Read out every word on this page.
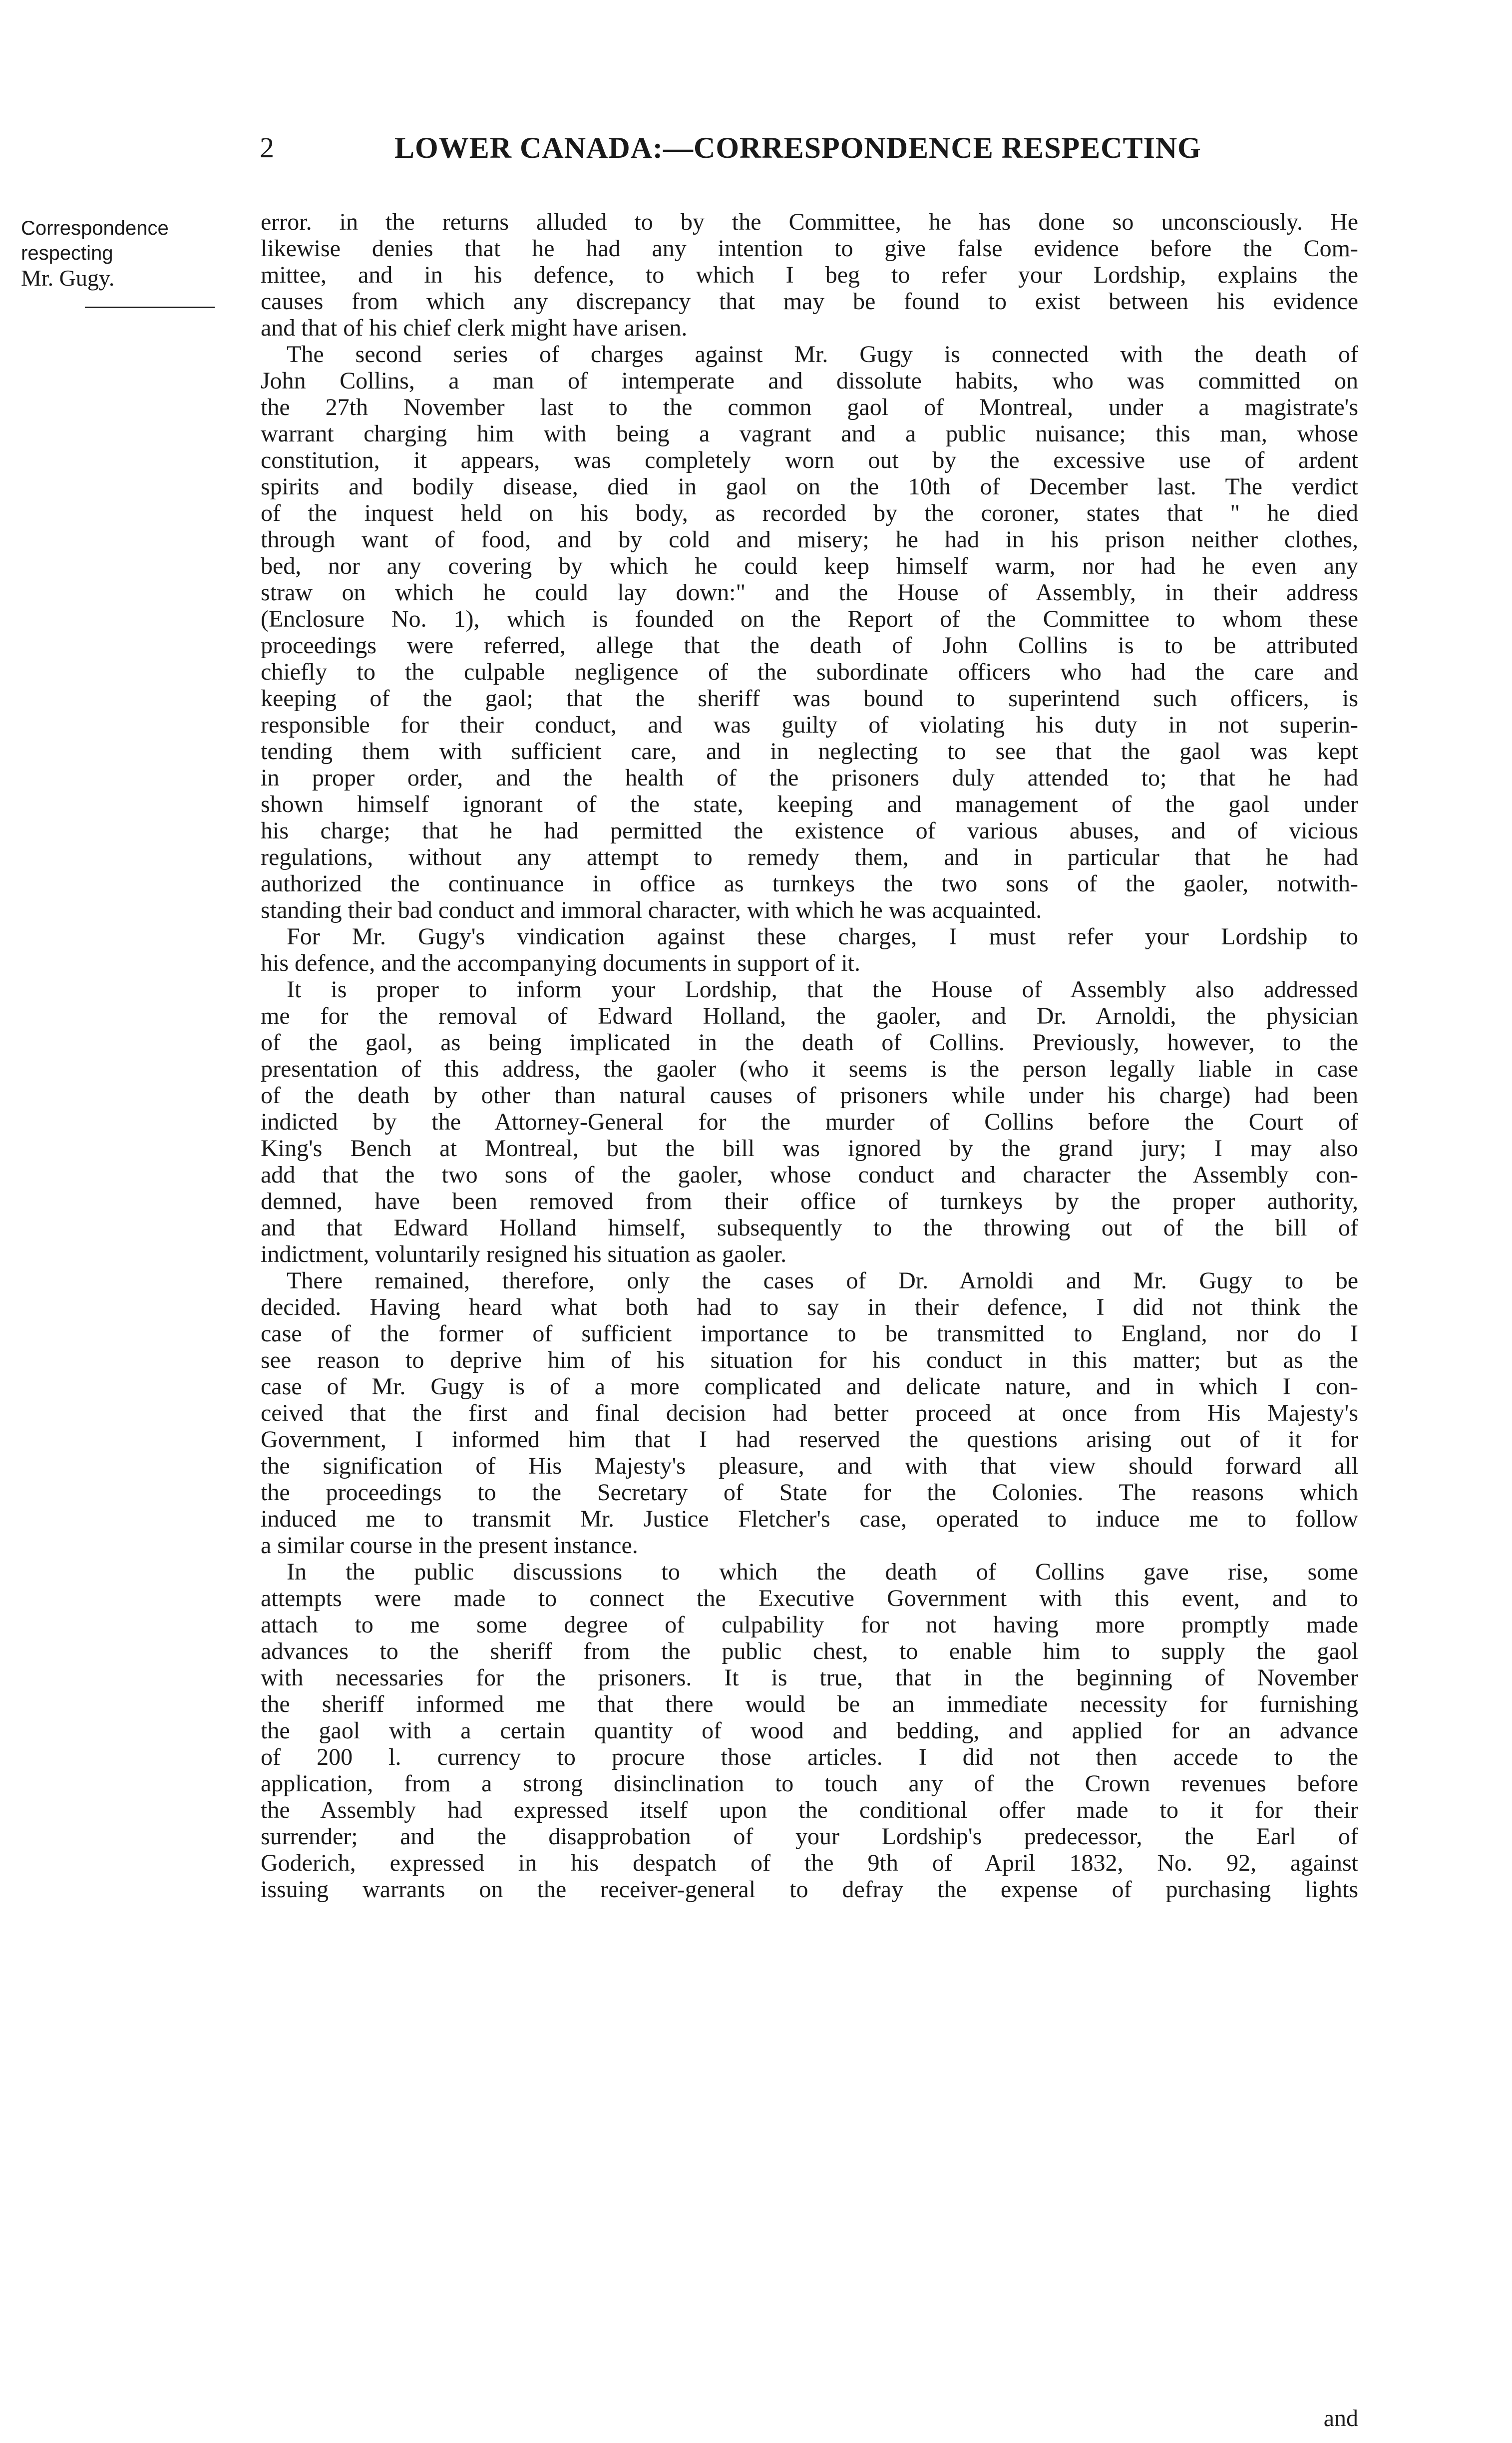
2	LOWER CANADA:—CORRESPONDENCE RESPECTING
Correspondence
respecting
Mr. Gugy.
error. in the returns alluded to by the Committee, he has done so unconsciously. He
likewise denies that he had any intention to give false evidence before the Com-
mittee, and in his defence, to which I beg to refer your Lordship, explains the
causes from which any discrepancy that may be found to exist between his evidence
and that of his chief clerk might have arisen.
The second series of charges against Mr. Gugy is connected with the death of
John Collins, a man of intemperate and dissolute habits, who was committed on
the 27th November last to the common gaol of Montreal, under a magistrate's
warrant charging him with being a vagrant and a public nuisance; this man, whose
constitution, it appears, was completely worn out by the excessive use of ardent
spirits and bodily disease, died in gaol on the 10th of December last. The verdict
of the inquest held on his body, as recorded by the coroner, states that " he died
through want of food, and by cold and misery; he had in his prison neither clothes,
bed, nor any covering by which he could keep himself warm, nor had he even any
straw on which he could lay down:" and the House of Assembly, in their address
(Enclosure No. 1), which is founded on the Report of the Committee to whom these
proceedings were referred, allege that the death of John Collins is to be attributed
chiefly to the culpable negligence of the subordinate officers who had the care and
keeping of the gaol; that the sheriff was bound to superintend such officers, is
responsible for their conduct, and was guilty of violating his duty in not superin-
tending them with sufficient care, and in neglecting to see that the gaol was kept
in proper order, and the health of the prisoners duly attended to; that he had
shown himself ignorant of the state, keeping and management of the gaol under
his charge; that he had permitted the existence of various abuses, and of vicious
regulations, without any attempt to remedy them, and in particular that he had
authorized the continuance in office as turnkeys the two sons of the gaoler, notwith-
standing their bad conduct and immoral character, with which he was acquainted.
For Mr. Gugy's vindication against these charges, I must refer your Lordship to
his defence, and the accompanying documents in support of it.
It is proper to inform your Lordship, that the House of Assembly also addressed
me for the removal of Edward Holland, the gaoler, and Dr. Arnoldi, the physician
of the gaol, as being implicated in the death of Collins. Previously, however, to the
presentation of this address, the gaoler (who it seems is the person legally liable in case
of the death by other than natural causes of prisoners while under his charge) had been
indicted by the Attorney-General for the murder of Collins before the Court of
King's Bench at Montreal, but the bill was ignored by the grand jury; I may also
add that the two sons of the gaoler, whose conduct and character the Assembly con-
demned, have been removed from their office of turnkeys by the proper authority,
and that Edward Holland himself, subsequently to the throwing out of the bill of
indictment, voluntarily resigned his situation as gaoler.
There remained, therefore, only the cases of Dr. Arnoldi and Mr. Gugy to be
decided. Having heard what both had to say in their defence, I did not think the
case of the former of sufficient importance to be transmitted to England, nor do I
see reason to deprive him of his situation for his conduct in this matter; but as the
case of Mr. Gugy is of a more complicated and delicate nature, and in which I con-
ceived that the first and final decision had better proceed at once from His Majesty's
Government, I informed him that I had reserved the questions arising out of it for
the signification of His Majesty's pleasure, and with that view should forward all
the proceedings to the Secretary of State for the Colonies. The reasons which
induced me to transmit Mr. Justice Fletcher's case, operated to induce me to follow
a similar course in the present instance.
In the public discussions to which the death of Collins gave rise, some
attempts were made to connect the Executive Government with this event, and to
attach to me some degree of culpability for not having more promptly made
advances to the sheriff from the public chest, to enable him to supply the gaol
with necessaries for the prisoners. It is true, that in the beginning of November
the sheriff informed me that there would be an immediate necessity for furnishing
the gaol with a certain quantity of wood and bedding, and applied for an advance
of 200 l. currency to procure those articles. I did not then accede to the
application, from a strong disinclination to touch any of the Crown revenues before
the Assembly had expressed itself upon the conditional offer made to it for their
surrender; and the disapprobation of your Lordship's predecessor, the Earl of
Goderich, expressed in his despatch of the 9th of April 1832, No. 92, against
issuing warrants on the receiver-general to defray the expense of purchasing lights
and
